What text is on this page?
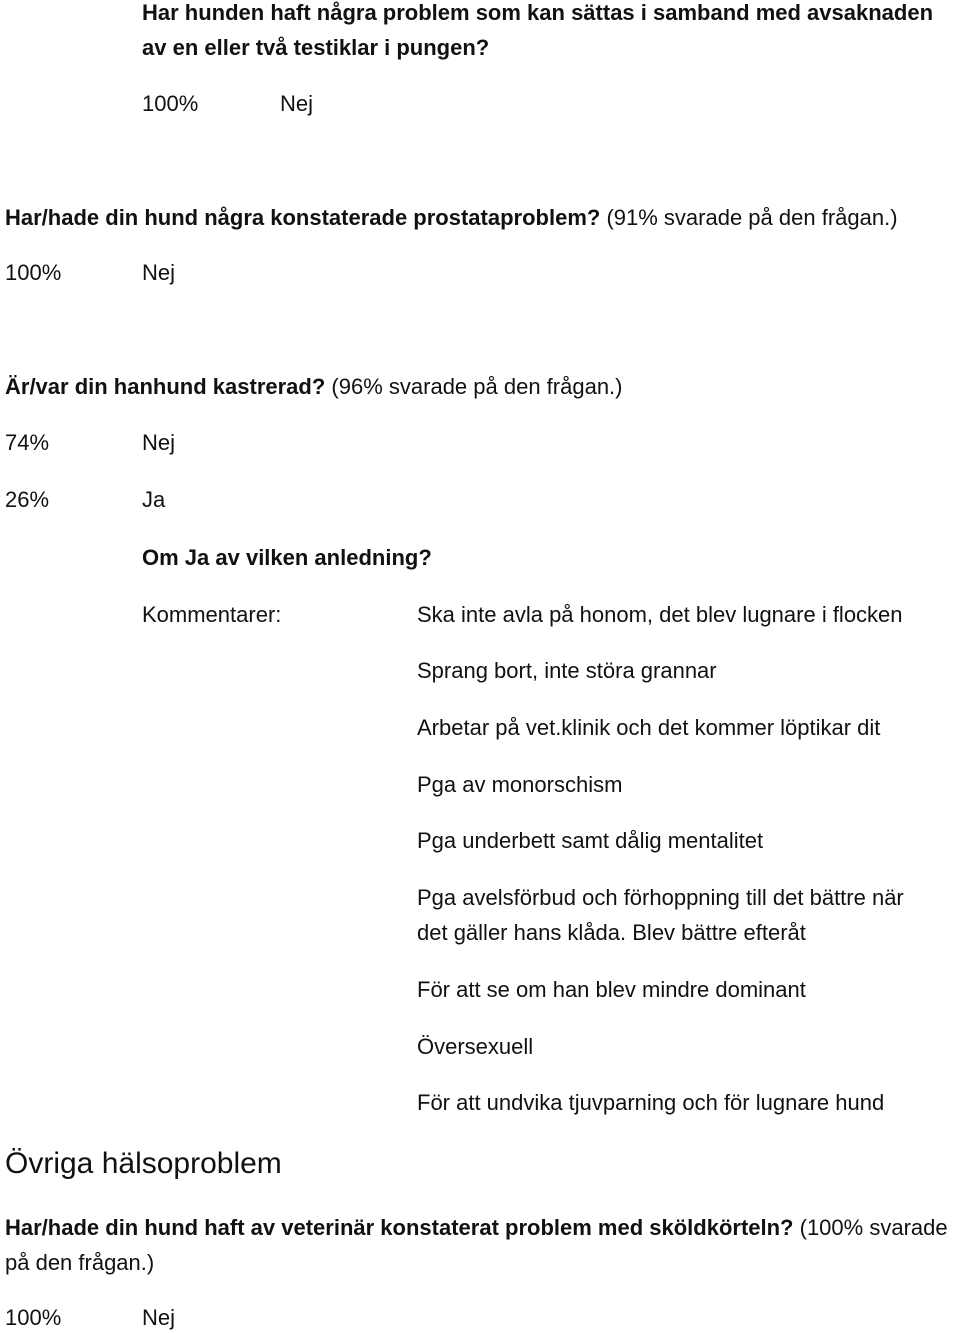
Har hunden haft några problem som kan sättas i samband med avsaknaden
av en eller två testiklar i pungen?
100%	Nej
Har/hade din hund några konstaterade prostataproblem? (91% svarade på den frågan.)
100%	Nej
Är/var din hanhund kastrerad? (96% svarade på den frågan.)
74%	Nej
26%	Ja
Om Ja av vilken anledning?
Kommentarer:	Ska inte avla på honom, det blev lugnare i flocken
Sprang bort, inte störa grannar
Arbetar på vet.klinik och det kommer löptikar dit
Pga av monorschism
Pga underbett samt dålig mentalitet
Pga avelsförbud och förhoppning till det bättre när
det gäller hans klåda. Blev bättre efteråt
För att se om han blev mindre dominant
Översexuell
För att undvika tjuvparning och för lugnare hund
Övriga hälsoproblem
Har/hade din hund haft av veterinär konstaterat problem med sköldkörteln? (100% svarade
på den frågan.)
100%	Nej
